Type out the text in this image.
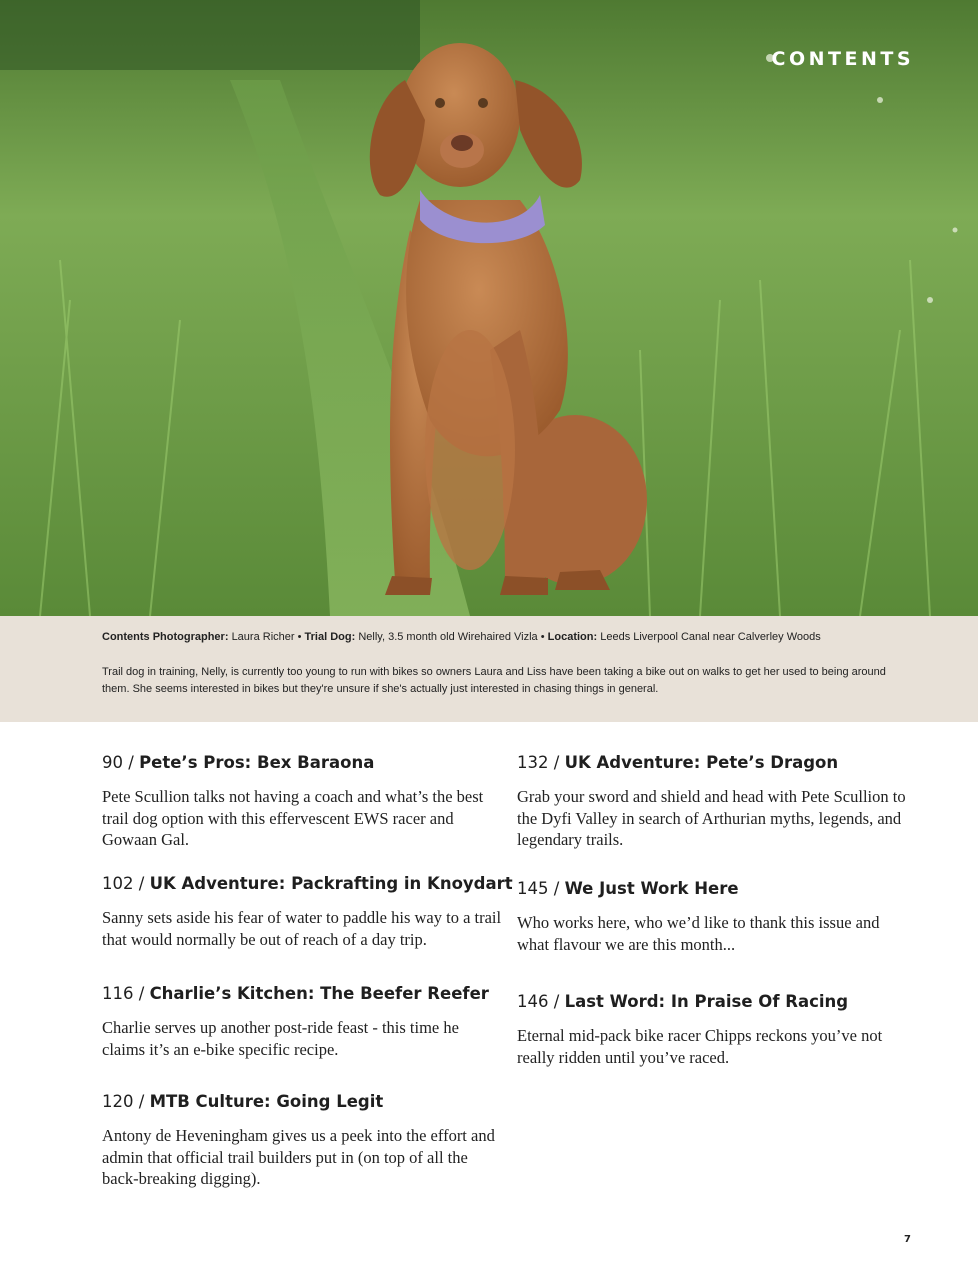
CONTENTS
Contents Photographer: Laura Richer • Trial Dog: Nelly, 3.5 month old Wirehaired Vizla • Location: Leeds Liverpool Canal near Calverley Woods
Trail dog in training, Nelly, is currently too young to run with bikes so owners Laura and Liss have been taking a bike out on walks to get her used to being around them. She seems interested in bikes but they're unsure if she's actually just interested in chasing things in general.
90 / Pete’s Pros: Bex Baraona
Pete Scullion talks not having a coach and what’s the best trail dog option with this effervescent EWS racer and Gowaan Gal.
102 / UK Adventure: Packrafting in Knoydart
Sanny sets aside his fear of water to paddle his way to a trail that would normally be out of reach of a day trip.
116 / Charlie’s Kitchen: The Beefer Reefer
Charlie serves up another post-ride feast - this time he claims it’s an e-bike specific recipe.
120 / MTB Culture: Going Legit
Antony de Heveningham gives us a peek into the effort and admin that official trail builders put in (on top of all the back-breaking digging).
132 / UK Adventure: Pete’s Dragon
Grab your sword and shield and head with Pete Scullion to the Dyfi Valley in search of Arthurian myths, legends, and legendary trails.
145 / We Just Work Here
Who works here, who we’d like to thank this issue and what flavour we are this month...
146 / Last Word: In Praise Of Racing
Eternal mid-pack bike racer Chipps reckons you’ve not really ridden until you’ve raced.
7
